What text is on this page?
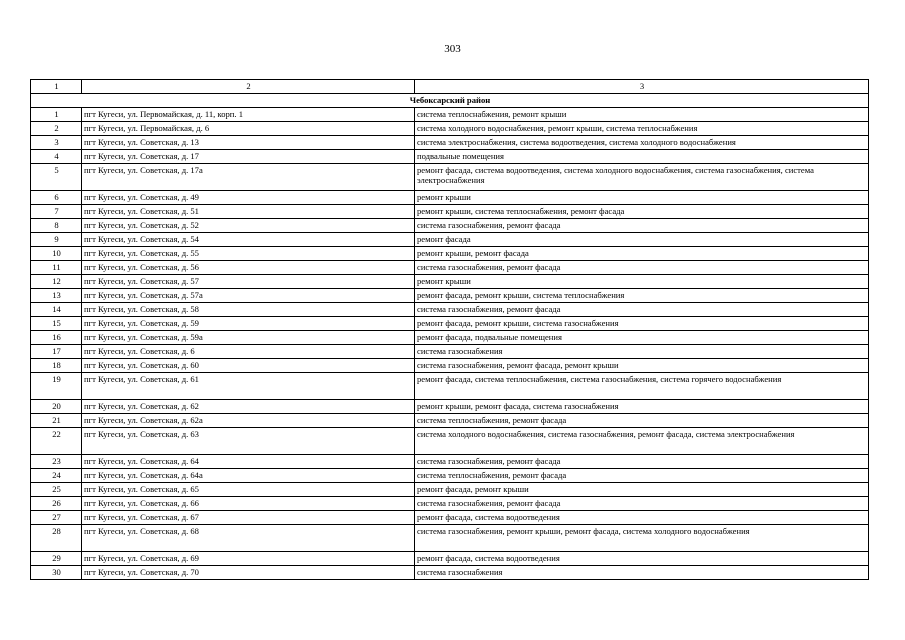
303
1	2	3
Чебоксарский район		
1	пгт Кугеси, ул. Первомайская, д. 11, корп. 1	система теплоснабжения, ремонт крыши
2	пгт Кугеси, ул. Первомайская, д. 6	система холодного водоснабжения, ремонт крыши, система теплоснабжения
3	пгт Кугеси, ул. Советская, д. 13	система электроснабжения, система водоотведения, система холодного водоснабжения
4	пгт Кугеси, ул. Советская, д. 17	подвальные помещения
5	пгт Кугеси, ул. Советская, д. 17а	ремонт фасада, система водоотведения, система холодного водоснабжения, система газоснабжения, система электроснабжения
6	пгт Кугеси, ул. Советская, д. 49	ремонт крыши
7	пгт Кугеси, ул. Советская, д. 51	ремонт крыши, система теплоснабжения, ремонт фасада
8	пгт Кугеси, ул. Советская, д. 52	система газоснабжения, ремонт фасада
9	пгт Кугеси, ул. Советская, д. 54	ремонт фасада
10	пгт Кугеси, ул. Советская, д. 55	ремонт крыши, ремонт фасада
11	пгт Кугеси, ул. Советская, д. 56	система газоснабжения, ремонт фасада
12	пгт Кугеси, ул. Советская, д. 57	ремонт крыши
13	пгт Кугеси, ул. Советская, д. 57а	ремонт фасада, ремонт крыши, система теплоснабжения
14	пгт Кугеси, ул. Советская, д. 58	система газоснабжения, ремонт фасада
15	пгт Кугеси, ул. Советская, д. 59	ремонт фасада, ремонт крыши, система газоснабжения
16	пгт Кугеси, ул. Советская, д. 59а	ремонт фасада, подвальные помещения
17	пгт Кугеси, ул. Советская, д. 6	система газоснабжения
18	пгт Кугеси, ул. Советская, д. 60	система газоснабжения, ремонт фасада, ремонт крыши
19	пгт Кугеси, ул. Советская, д. 61	ремонт фасада, система теплоснабжения, система газоснабжения, система горячего водоснабжения
20	пгт Кугеси, ул. Советская, д. 62	ремонт крыши, ремонт фасада, система газоснабжения
21	пгт Кугеси, ул. Советская, д. 62а	система теплоснабжения, ремонт фасада
22	пгт Кугеси, ул. Советская, д. 63	система холодного водоснабжения, система газоснабжения, ремонт фасада, система электроснабжения
23	пгт Кугеси, ул. Советская, д. 64	система газоснабжения, ремонт фасада
24	пгт Кугеси, ул. Советская, д. 64а	система теплоснабжения, ремонт фасада
25	пгт Кугеси, ул. Советская, д. 65	ремонт фасада, ремонт крыши
26	пгт Кугеси, ул. Советская, д. 66	система газоснабжения, ремонт фасада
27	пгт Кугеси, ул. Советская, д. 67	ремонт фасада, система водоотведения
28	пгт Кугеси, ул. Советская, д. 68	система газоснабжения, ремонт крыши, ремонт фасада, система холодного водоснабжения
29	пгт Кугеси, ул. Советская, д. 69	ремонт фасада, система водоотведения
30	пгт Кугеси, ул. Советская, д. 70	система газоснабжения
